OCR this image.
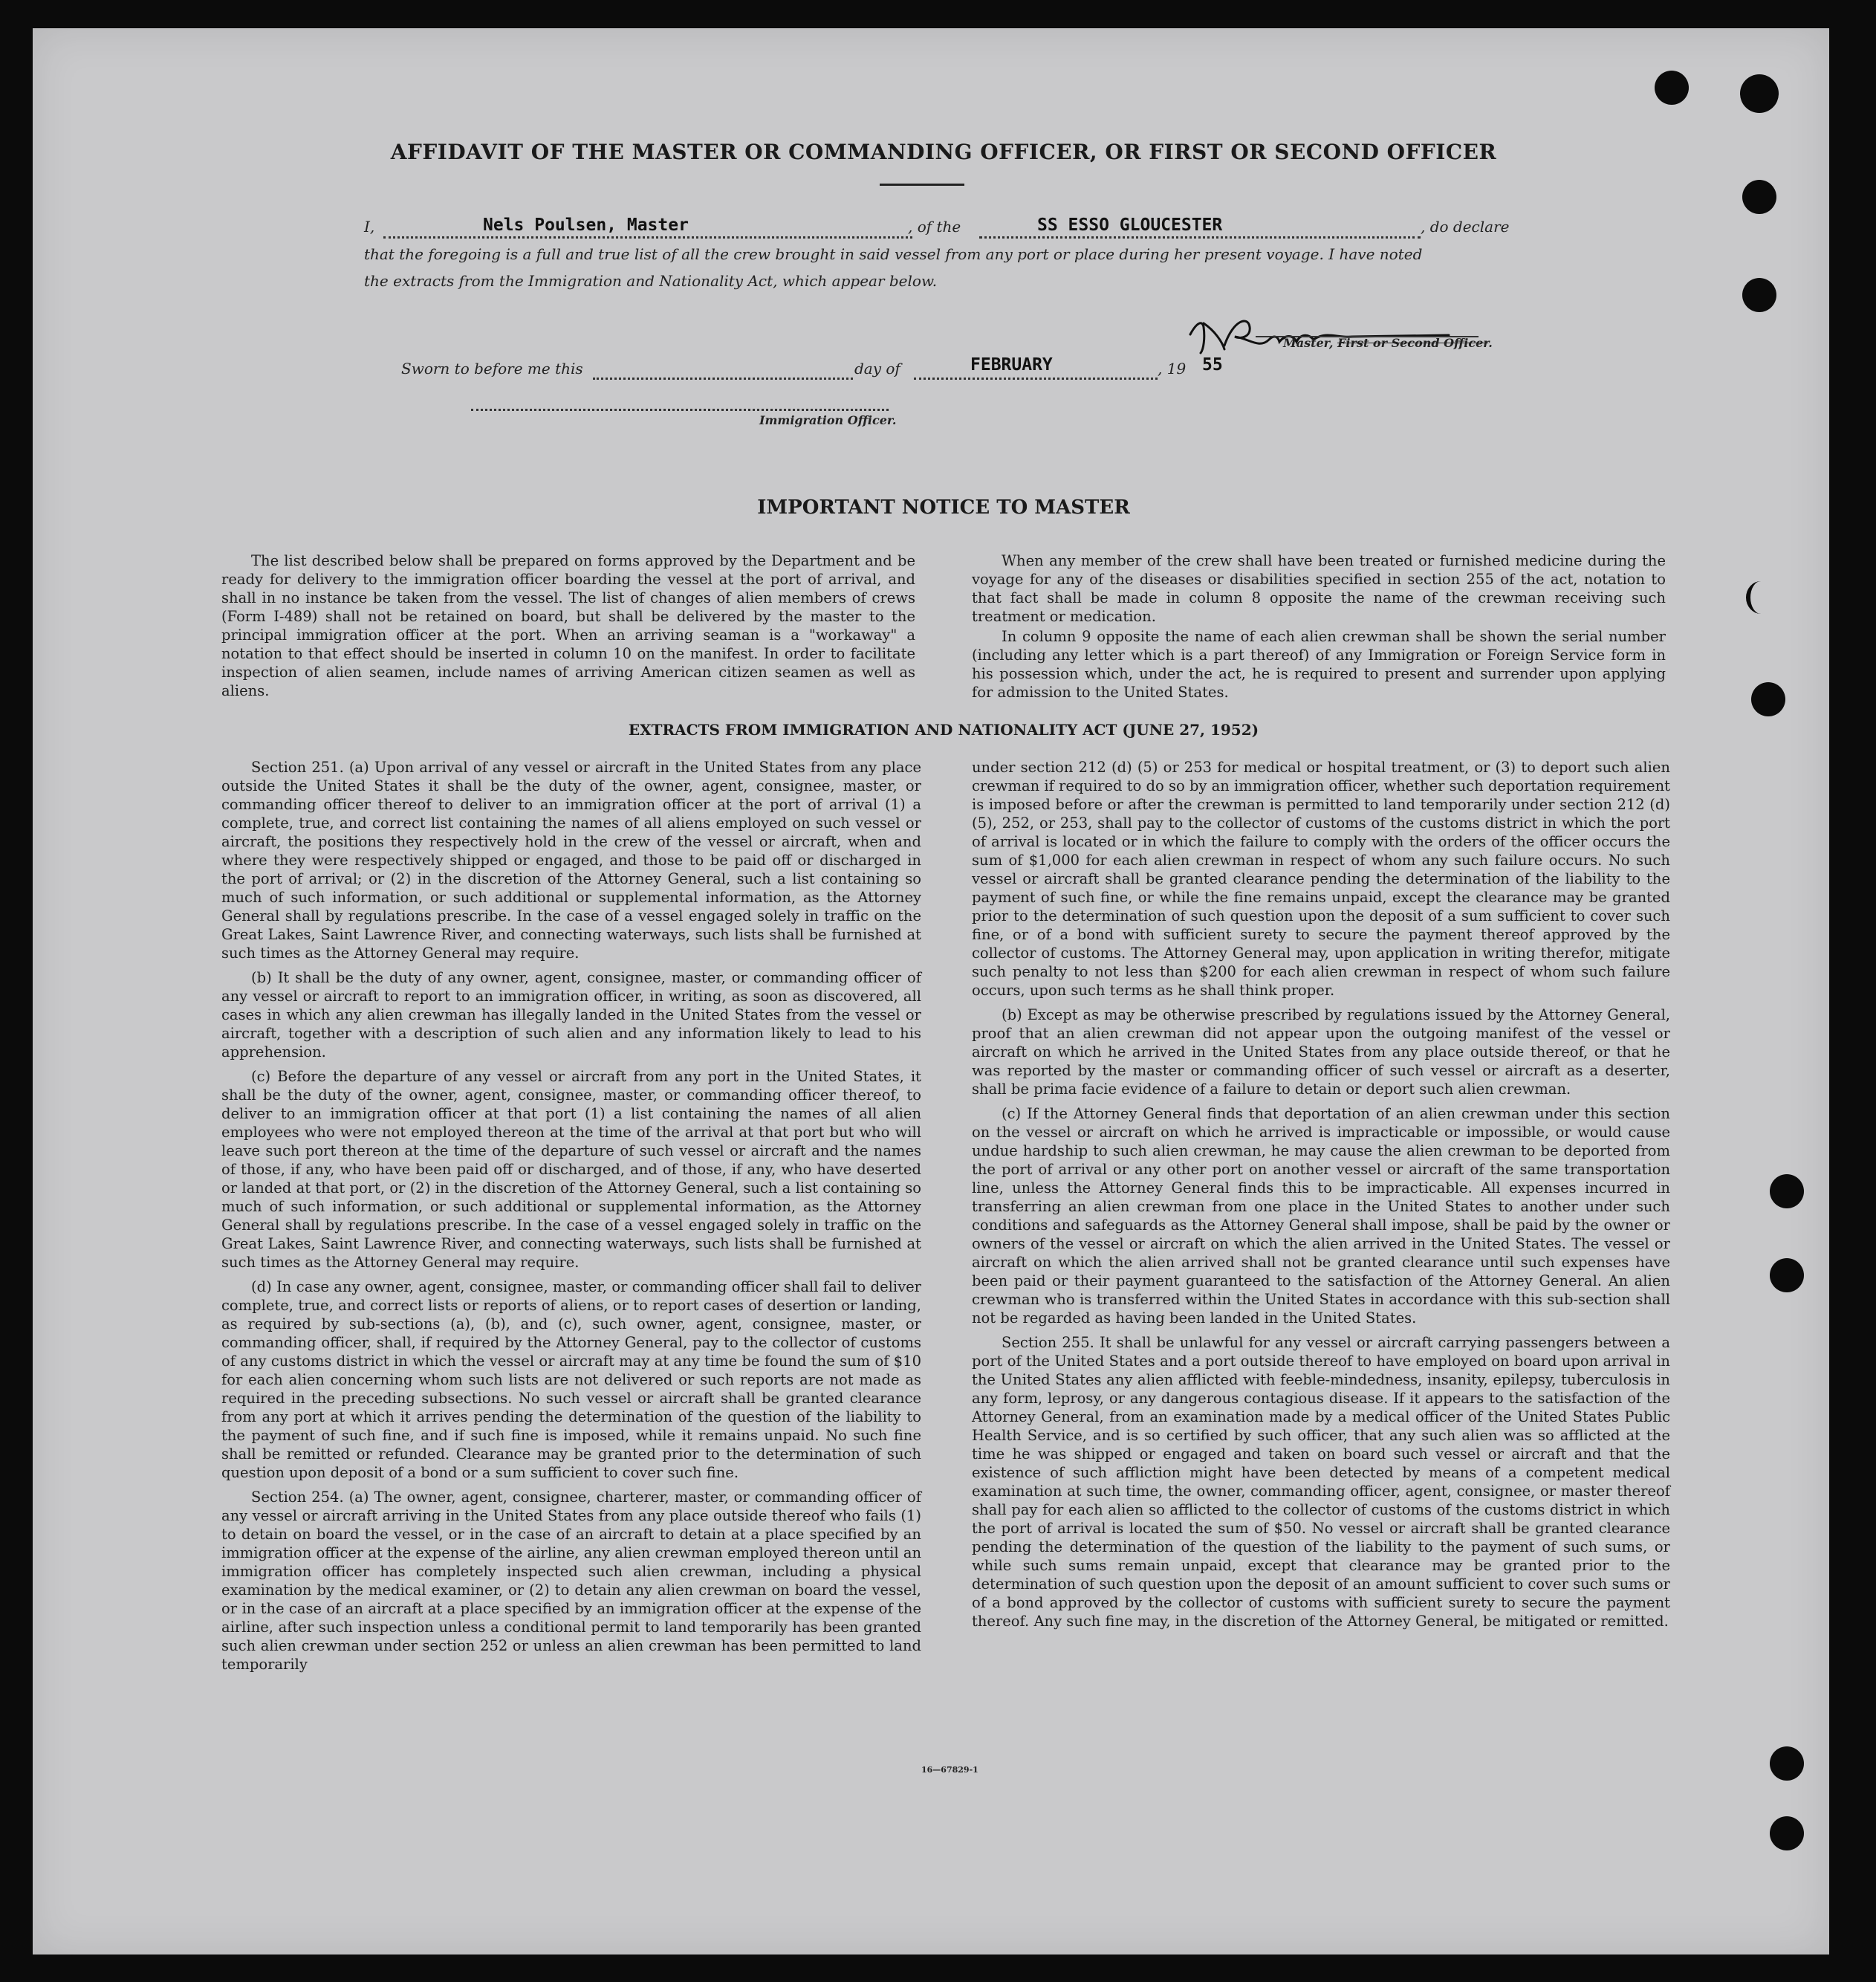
AFFIDAVIT OF THE MASTER OR COMMANDING OFFICER, OR FIRST OR SECOND OFFICER
I,	Nels Poulsen, Master	, of the	SS ESSO GLOUCESTER	, do declare
that the foregoing is a full and true list of all the crew brought in said vessel from any port or place during her present voyage. I have noted
the extracts from the Immigration and Nationality Act, which appear below.
Master, First or Second Officer.
Sworn to before me this	day of	FEBRUARY	, 19 55
Immigration Officer.
IMPORTANT NOTICE TO MASTER

The list described below shall be prepared on forms approved by the Department and be ready for delivery to the immigration officer boarding the vessel at the port of arrival, and shall in no instance be taken from the vessel. The list of changes of alien members of crews (Form I-489) shall not be retained on board, but shall be delivered by the master to the principal immigration officer at the port. When an arriving seaman is a "workaway" a notation to that effect should be inserted in column 10 on the manifest. In order to facilitate inspection of alien seamen, include names of arriving American citizen seamen as well as aliens.

When any member of the crew shall have been treated or furnished medicine during the voyage for any of the diseases or disabilities specified in section 255 of the act, notation to that fact shall be made in column 8 opposite the name of the crewman receiving such treatment or medication.

In column 9 opposite the name of each alien crewman shall be shown the serial number (including any letter which is a part thereof) of any Immigration or Foreign Service form in his possession which, under the act, he is required to present and surrender upon applying for admission to the United States.

EXTRACTS FROM IMMIGRATION AND NATIONALITY ACT (JUNE 27, 1952)

Section 251. (a) Upon arrival of any vessel or aircraft in the United States from any place outside the United States it shall be the duty of the owner, agent, consignee, master, or commanding officer thereof to deliver to an immigration officer at the port of arrival (1) a complete, true, and correct list containing the names of all aliens employed on such vessel or aircraft, the positions they respectively hold in the crew of the vessel or aircraft, when and where they were respectively shipped or engaged, and those to be paid off or discharged in the port of arrival; or (2) in the discretion of the Attorney General, such a list containing so much of such information, or such additional or supplemental information, as the Attorney General shall by regulations prescribe. In the case of a vessel engaged solely in traffic on the Great Lakes, Saint Lawrence River, and connecting waterways, such lists shall be furnished at such times as the Attorney General may require.

(b) It shall be the duty of any owner, agent, consignee, master, or commanding officer of any vessel or aircraft to report to an immigration officer, in writing, as soon as discovered, all cases in which any alien crewman has illegally landed in the United States from the vessel or aircraft, together with a description of such alien and any information likely to lead to his apprehension.

(c) Before the departure of any vessel or aircraft from any port in the United States, it shall be the duty of the owner, agent, consignee, master, or commanding officer thereof, to deliver to an immigration officer at that port (1) a list containing the names of all alien employees who were not employed thereon at the time of the arrival at that port but who will leave such port thereon at the time of the departure of such vessel or aircraft and the names of those, if any, who have been paid off or discharged, and of those, if any, who have deserted or landed at that port, or (2) in the discretion of the Attorney General, such a list containing so much of such information, or such additional or supplemental information, as the Attorney General shall by regulations prescribe. In the case of a vessel engaged solely in traffic on the Great Lakes, Saint Lawrence River, and connecting waterways, such lists shall be furnished at such times as the Attorney General may require.

(d) In case any owner, agent, consignee, master, or commanding officer shall fail to deliver complete, true, and correct lists or reports of aliens, or to report cases of desertion or landing, as required by sub-sections (a), (b), and (c), such owner, agent, consignee, master, or commanding officer, shall, if required by the Attorney General, pay to the collector of customs of any customs district in which the vessel or aircraft may at any time be found the sum of $10 for each alien concerning whom such lists are not delivered or such reports are not made as required in the preceding subsections. No such vessel or aircraft shall be granted clearance from any port at which it arrives pending the determination of the question of the liability to the payment of such fine, and if such fine is imposed, while it remains unpaid. No such fine shall be remitted or refunded. Clearance may be granted prior to the determination of such question upon deposit of a bond or a sum sufficient to cover such fine.

Section 254. (a) The owner, agent, consignee, charterer, master, or commanding officer of any vessel or aircraft arriving in the United States from any place outside thereof who fails (1) to detain on board the vessel, or in the case of an aircraft to detain at a place specified by an immigration officer at the expense of the airline, any alien crewman employed thereon until an immigration officer has completely inspected such alien crewman, including a physical examination by the medical examiner, or (2) to detain any alien crewman on board the vessel, or in the case of an aircraft at a place specified by an immigration officer at the expense of the airline, after such inspection unless a conditional permit to land temporarily has been granted such alien crewman under section 252 or unless an alien crewman has been permitted to land temporarily

under section 212 (d) (5) or 253 for medical or hospital treatment, or (3) to deport such alien crewman if required to do so by an immigration officer, whether such deportation requirement is imposed before or after the crewman is permitted to land temporarily under section 212 (d) (5), 252, or 253, shall pay to the collector of customs of the customs district in which the port of arrival is located or in which the failure to comply with the orders of the officer occurs the sum of $1,000 for each alien crewman in respect of whom any such failure occurs. No such vessel or aircraft shall be granted clearance pending the determination of the liability to the payment of such fine, or while the fine remains unpaid, except the clearance may be granted prior to the determination of such question upon the deposit of a sum sufficient to cover such fine, or of a bond with sufficient surety to secure the payment thereof approved by the collector of customs. The Attorney General may, upon application in writing therefor, mitigate such penalty to not less than $200 for each alien crewman in respect of whom such failure occurs, upon such terms as he shall think proper.

(b) Except as may be otherwise prescribed by regulations issued by the Attorney General, proof that an alien crewman did not appear upon the outgoing manifest of the vessel or aircraft on which he arrived in the United States from any place outside thereof, or that he was reported by the master or commanding officer of such vessel or aircraft as a deserter, shall be prima facie evidence of a failure to detain or deport such alien crewman.

(c) If the Attorney General finds that deportation of an alien crewman under this section on the vessel or aircraft on which he arrived is impracticable or impossible, or would cause undue hardship to such alien crewman, he may cause the alien crewman to be deported from the port of arrival or any other port on another vessel or aircraft of the same transportation line, unless the Attorney General finds this to be impracticable. All expenses incurred in transferring an alien crewman from one place in the United States to another under such conditions and safeguards as the Attorney General shall impose, shall be paid by the owner or owners of the vessel or aircraft on which the alien arrived in the United States. The vessel or aircraft on which the alien arrived shall not be granted clearance until such expenses have been paid or their payment guaranteed to the satisfaction of the Attorney General. An alien crewman who is transferred within the United States in accordance with this sub-section shall not be regarded as having been landed in the United States.

Section 255. It shall be unlawful for any vessel or aircraft carrying passengers between a port of the United States and a port outside thereof to have employed on board upon arrival in the United States any alien afflicted with feeble-mindedness, insanity, epilepsy, tuberculosis in any form, leprosy, or any dangerous contagious disease. If it appears to the satisfaction of the Attorney General, from an examination made by a medical officer of the United States Public Health Service, and is so certified by such officer, that any such alien was so afflicted at the time he was shipped or engaged and taken on board such vessel or aircraft and that the existence of such affliction might have been detected by means of a competent medical examination at such time, the owner, commanding officer, agent, consignee, or master thereof shall pay for each alien so afflicted to the collector of customs of the customs district in which the port of arrival is located the sum of $50. No vessel or aircraft shall be granted clearance pending the determination of the question of the liability to the payment of such sums, or while such sums remain unpaid, except that clearance may be granted prior to the determination of such question upon the deposit of an amount sufficient to cover such sums or of a bond approved by the collector of customs with sufficient surety to secure the payment thereof. Any such fine may, in the discretion of the Attorney General, be mitigated or remitted.

16—67829-1
